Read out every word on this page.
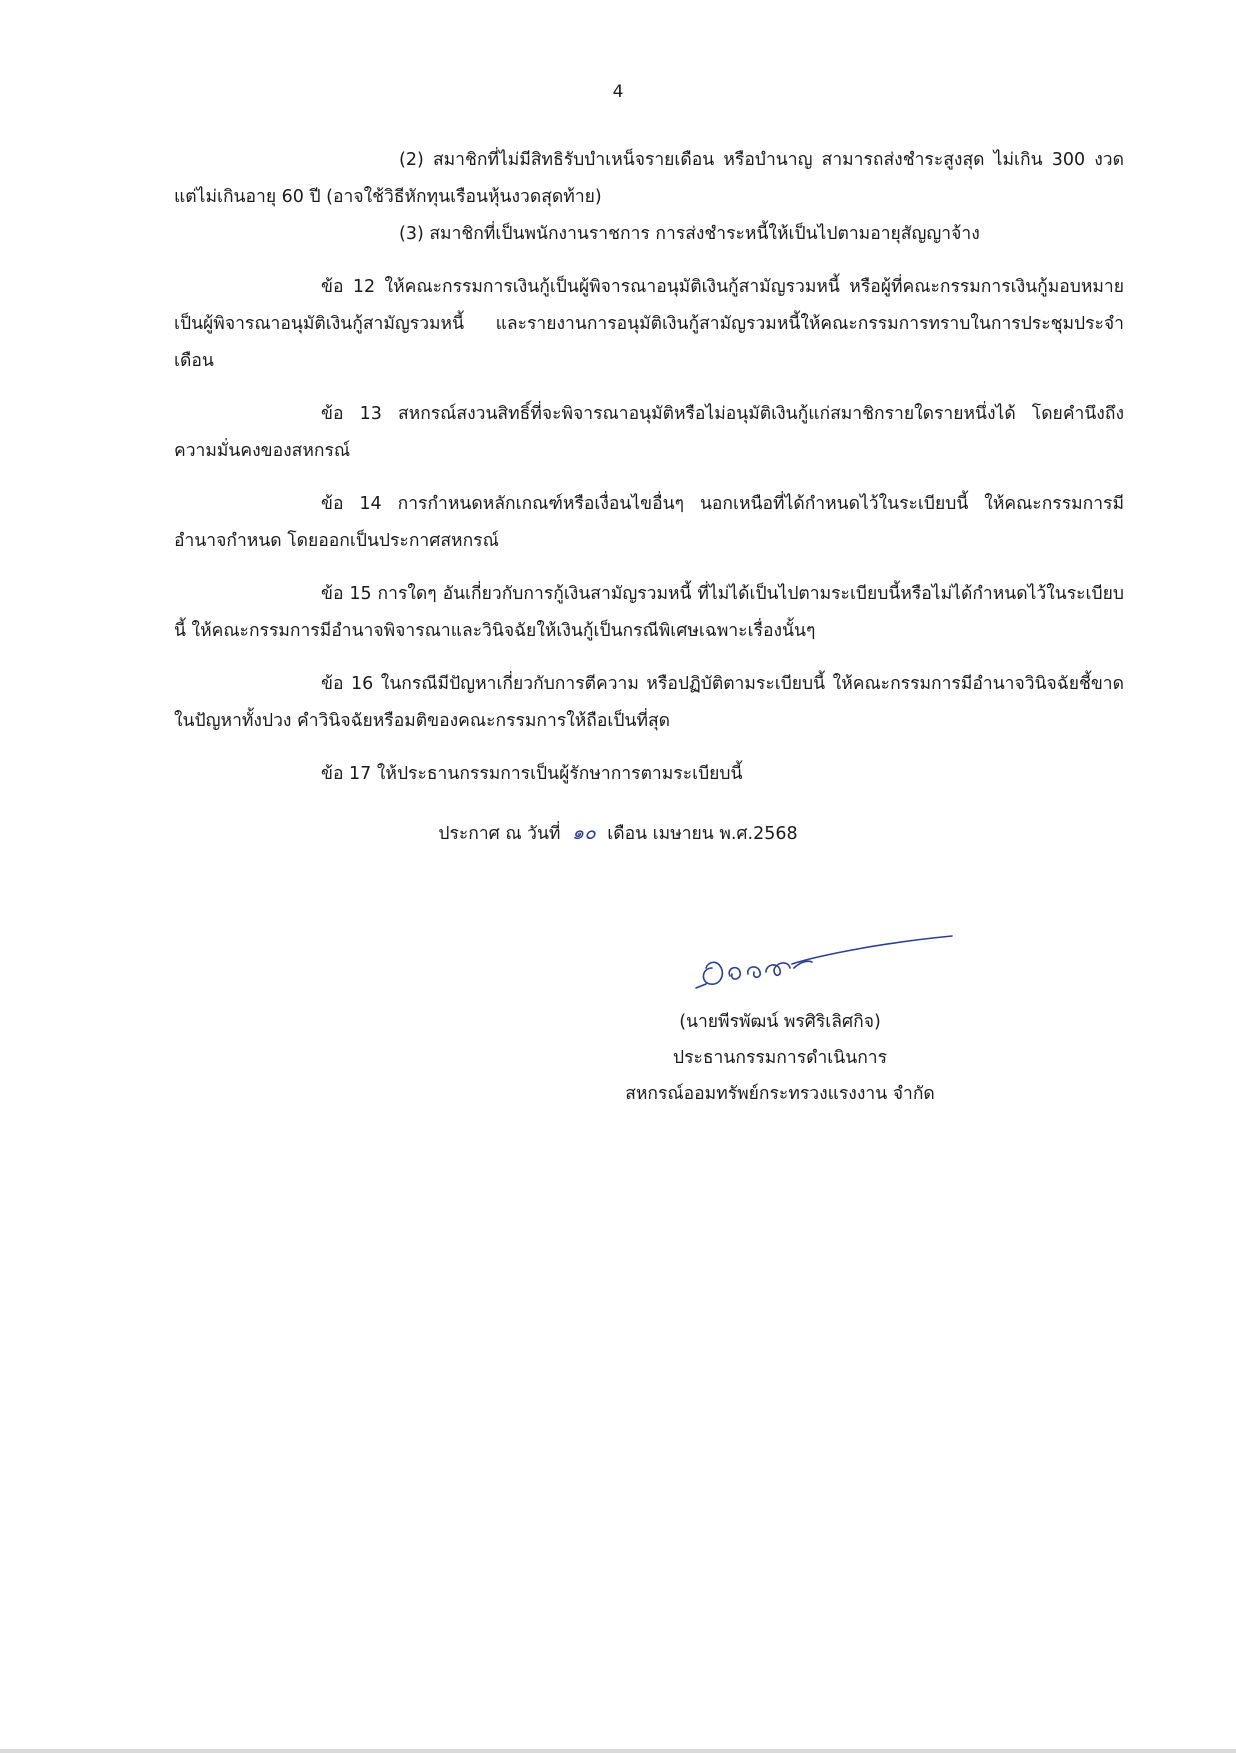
4

(2) สมาชิกที่ไม่มีสิทธิรับบำเหน็จรายเดือน หรือบำนาญ สามารถส่งชำระสูงสุด ไม่เกิน 300 งวด แต่ไม่เกินอายุ 60 ปี (อาจใช้วิธีหักทุนเรือนหุ้นงวดสุดท้าย)

(3) สมาชิกที่เป็นพนักงานราชการ การส่งชำระหนี้ให้เป็นไปตามอายุสัญญาจ้าง

ข้อ 12 ให้คณะกรรมการเงินกู้เป็นผู้พิจารณาอนุมัติเงินกู้สามัญรวมหนี้ หรือผู้ที่คณะกรรมการเงินกู้มอบหมายเป็นผู้พิจารณาอนุมัติเงินกู้สามัญรวมหนี้ และรายงานการอนุมัติเงินกู้สามัญรวมหนี้ให้คณะกรรมการทราบในการประชุมประจำเดือน

ข้อ 13 สหกรณ์สงวนสิทธิ์ที่จะพิจารณาอนุมัติหรือไม่อนุมัติเงินกู้แก่สมาชิกรายใดรายหนึ่งได้ โดยคำนึงถึงความมั่นคงของสหกรณ์

ข้อ 14 การกำหนดหลักเกณฑ์หรือเงื่อนไขอื่นๆ นอกเหนือที่ได้กำหนดไว้ในระเบียบนี้ ให้คณะกรรมการมีอำนาจกำหนด โดยออกเป็นประกาศสหกรณ์

ข้อ 15 การใดๆ อันเกี่ยวกับการกู้เงินสามัญรวมหนี้ ที่ไม่ได้เป็นไปตามระเบียบนี้หรือไม่ได้กำหนดไว้ในระเบียบนี้ ให้คณะกรรมการมีอำนาจพิจารณาและวินิจฉัยให้เงินกู้เป็นกรณีพิเศษเฉพาะเรื่องนั้นๆ

ข้อ 16 ในกรณีมีปัญหาเกี่ยวกับการตีความ หรือปฏิบัติตามระเบียบนี้ ให้คณะกรรมการมีอำนาจวินิจฉัยชี้ขาดในปัญหาทั้งปวง คำวินิจฉัยหรือมติของคณะกรรมการให้ถือเป็นที่สุด

ข้อ 17 ให้ประธานกรรมการเป็นผู้รักษาการตามระเบียบนี้

ประกาศ ณ วันที่ ๑๐ เดือน เมษายน พ.ศ.2568
(นายพีรพัฒน์ พรศิริเลิศกิจ)
ประธานกรรมการดำเนินการ
สหกรณ์ออมทรัพย์กระทรวงแรงงาน จำกัด
